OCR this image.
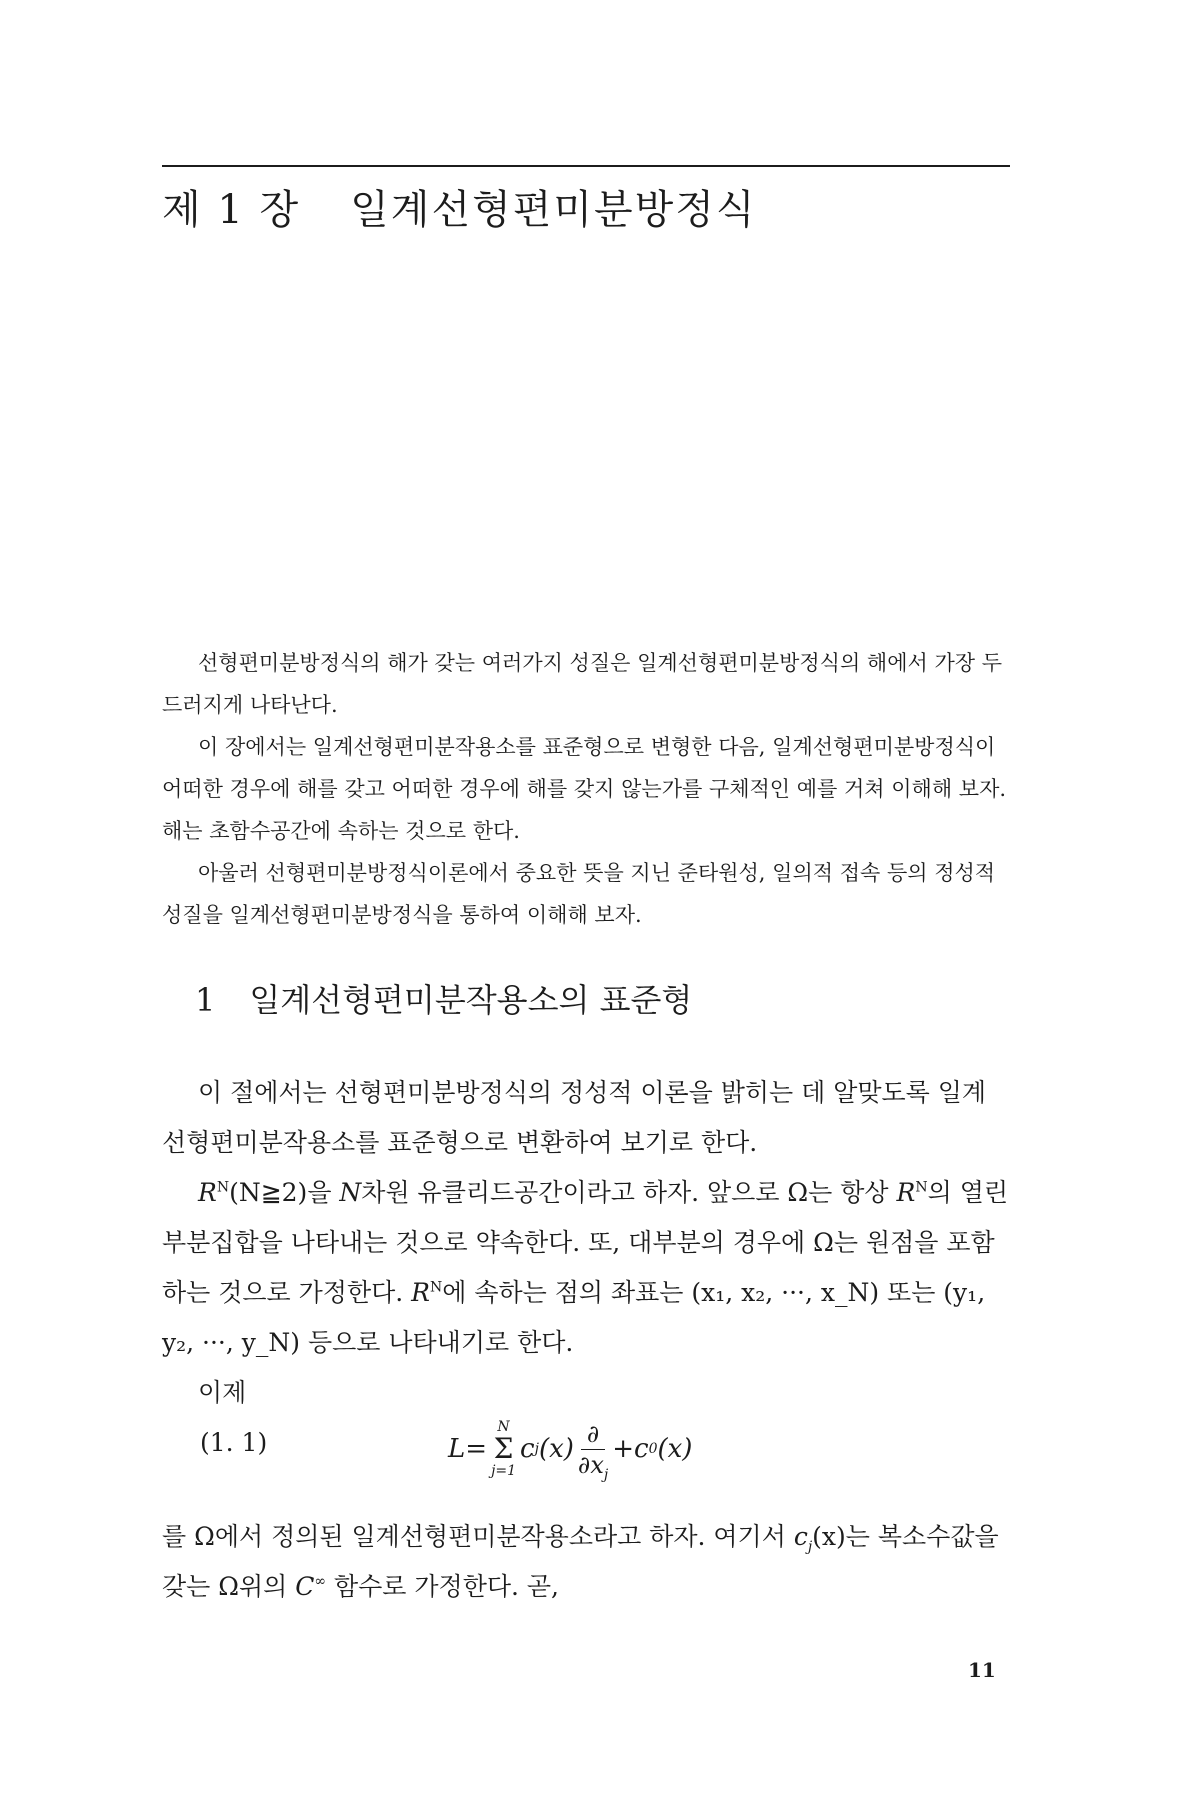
제 1 장 일계선형편미분방정식

선형편미분방정식의 해가 갖는 여러가지 성질은 일계선형편미분방정식의 해에서 가장 두드러지게 나타난다.

이 장에서는 일계선형편미분작용소를 표준형으로 변형한 다음, 일계선형편미분방정식이 어떠한 경우에 해를 갖고 어떠한 경우에 해를 갖지 않는가를 구체적인 예를 거쳐 이해해 보자. 해는 초함수공간에 속하는 것으로 한다.

아울러 선형편미분방정식이론에서 중요한 뜻을 지닌 준타원성, 일의적 접속 등의 정성적 성질을 일계선형편미분방정식을 통하여 이해해 보자.

1 일계선형편미분작용소의 표준형

이 절에서는 선형편미분방정식의 정성적 이론을 밝히는 데 알맞도록 일계선형편미분작용소를 표준형으로 변환하여 보기로 한다.

$R^N(N≧2)$을 N차원 유클리드공간이라고 하자. 앞으로 Ω는 항상 $R^N$의 열린부분집합을 나타내는 것으로 약속한다. 또, 대부분의 경우에 Ω는 원점을 포함하는 것으로 가정한다. $R^N$에 속하는 점의 좌표는 (x₁, x₂, ···, x_N) 또는 (y₁, y₂, ···, y_N) 등으로 나타내기로 한다.

이제

(1. 1)	L=
N
Σ
j=1
c j $(x) \frac{\partial}{\partial x_j} +c$ 0 (x)

를 Ω에서 정의된 일계선형편미분작용소라고 하자. 여기서 $c_j(x)$는 복소수값을 갖는 Ω위의 C∞ 함수로 가정한다. 곧,

11
